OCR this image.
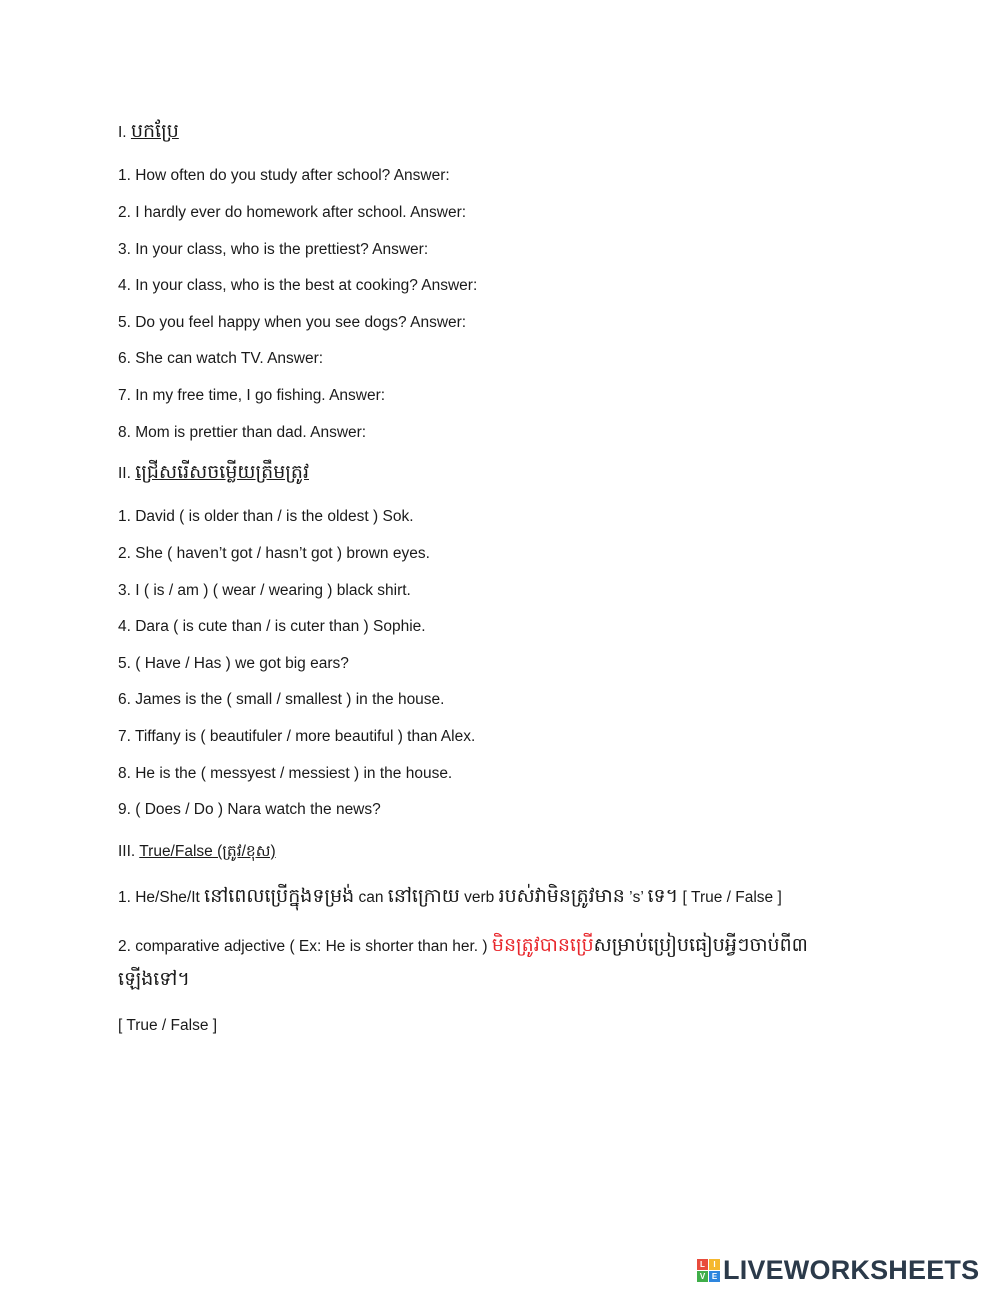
I. បកប្រែ
1. How often do you study after school? Answer:
2. I hardly ever do homework after school. Answer:
3. In your class, who is the prettiest? Answer:
4. In your class, who is the best at cooking? Answer:
5. Do you feel happy when you see dogs? Answer:
6. She can watch TV. Answer:
7. In my free time, I go fishing. Answer:
8. Mom is prettier than dad. Answer:
II. ជ្រើសរើសចម្លើយត្រឹមត្រូវ
1. David ( is older than / is the oldest ) Sok.
2. She ( haven’t got / hasn’t got ) brown eyes.
3. I ( is / am ) ( wear / wearing ) black shirt.
4. Dara ( is cute than / is cuter than ) Sophie.
5. ( Have / Has ) we got big ears?
6. James is the ( small / smallest ) in the house.
7. Tiffany is ( beautifuler / more beautiful ) than Alex.
8. He is the ( messyest / messiest ) in the house.
9. ( Does / Do ) Nara watch the news?
III. True/False (ត្រូវ/ខុស)
1. He/She/It នៅពេលប្រើក្នុងទម្រង់ can នៅក្រោយ verb របស់វាមិនត្រូវមាន ’s’ ទេ។ [ True / False ]
2. comparative adjective ( Ex: He is shorter than her. ) មិនត្រូវបានប្រើសម្រាប់ប្រៀបធៀបអ្វីៗចាប់ពី៣
ឡើងទៅ។
[ True / False ]
L	I
V E LIVEWORKSHEETS
